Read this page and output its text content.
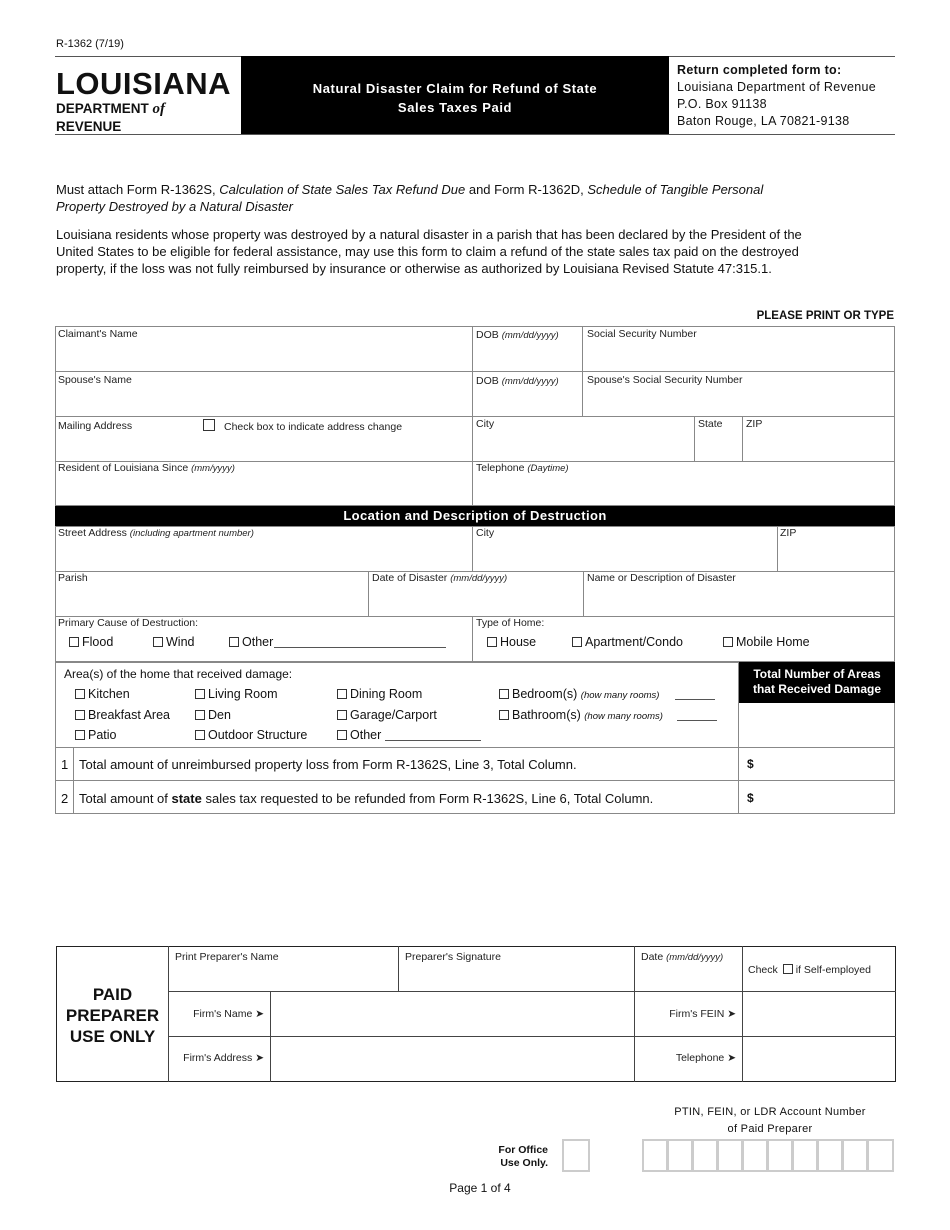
R-1362 (7/19)
LOUISIANA
DEPARTMENT of REVENUE
Natural Disaster Claim for Refund of State
Sales Taxes Paid
Return completed form to:
Louisiana Department of Revenue
P.O. Box 91138
Baton Rouge, LA 70821-9138
Must attach Form R-1362S, Calculation of State Sales Tax Refund Due and Form R-1362D, Schedule of Tangible Personal
Property Destroyed by a Natural Disaster
Louisiana residents whose property was destroyed by a natural disaster in a parish that has been declared by the President of the
United States to be eligible for federal assistance, may use this form to claim a refund of the state sales tax paid on the destroyed
property, if the loss was not fully reimbursed by insurance or otherwise as authorized by Louisiana Revised Statute 47:315.1.
PLEASE PRINT OR TYPE
Claimant's Name	DOB (mm/dd/yyyy)	Social Security Number
Spouse's Name	DOB (mm/dd/yyyy)	Spouse's Social Security Number
Mailing Address	Check box to indicate address change	City	State ZIP
Resident of Louisiana Since (mm/yyyy)	Telephone (Daytime)
Location and Description of Destruction
Street Address (including apartment number)	City	ZIP
Parish	Date of Disaster (mm/dd/yyyy)	Name or Description of Disaster
Primary Cause of Destruction:
Flood	Wind	Other
Type of Home:
House	Apartment/Condo	Mobile Home
Total Number of Areas
that Received Damage
Area(s) of the home that received damage:
Kitchen	Living Room	Dining Room	Bedroom(s) (how many rooms)
Breakfast Area	Den	Garage/Carport	Bathroom(s) (how many rooms)
Patio	Outdoor Structure	Other
1 Total amount of unreimbursed property loss from Form R-1362S, Line 3, Total Column.	$
2 Total amount of state sales tax requested to be refunded from Form R-1362S, Line 6, Total Column.	$
PAID
PREPARER
USE ONLY
Print Preparer's Name	Preparer's Signature	Date (mm/dd/yyyy)
Check if Self-employed
Firm's Name ➤	Firm's FEIN ➤
Firm's Address ➤	Telephone ➤
PTIN, FEIN, or LDR Account Number
of Paid Preparer
For Office
Use Only.
Page 1 of 4
